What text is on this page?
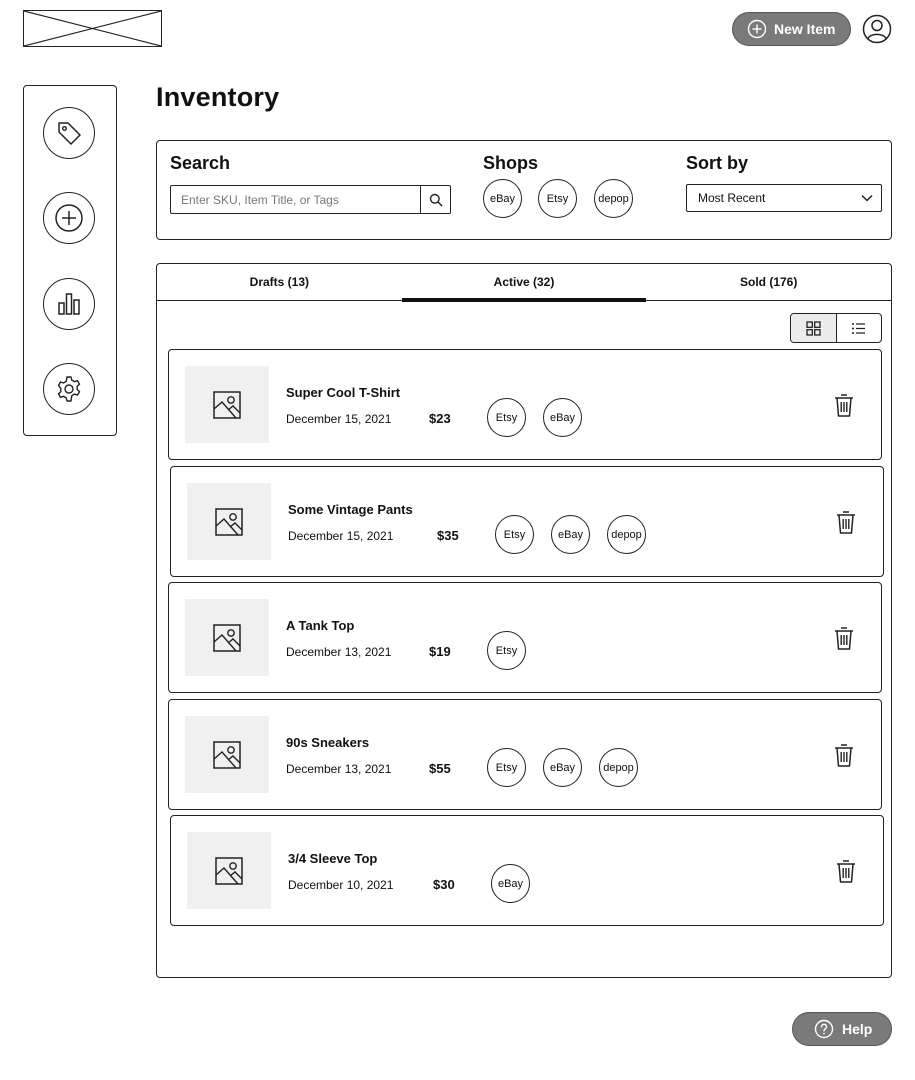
New Item
Inventory
Search
Enter SKU, Item Title, or Tags	Shops
eBay	Etsy	depop
Sort by
Most Recent
Drafts (13)	Active (32)	Sold (176)
Super Cool T-Shirt
December 15, 2021	$23	Etsy	eBay
Some Vintage Pants
December 15, 2021	$35	Etsy	eBay	depop
A Tank Top
December 13, 2021	$19	Etsy
90s Sneakers
December 13, 2021	$55	Etsy	eBay	depop
3/4 Sleeve Top
December 10, 2021	$30	eBay
Help
